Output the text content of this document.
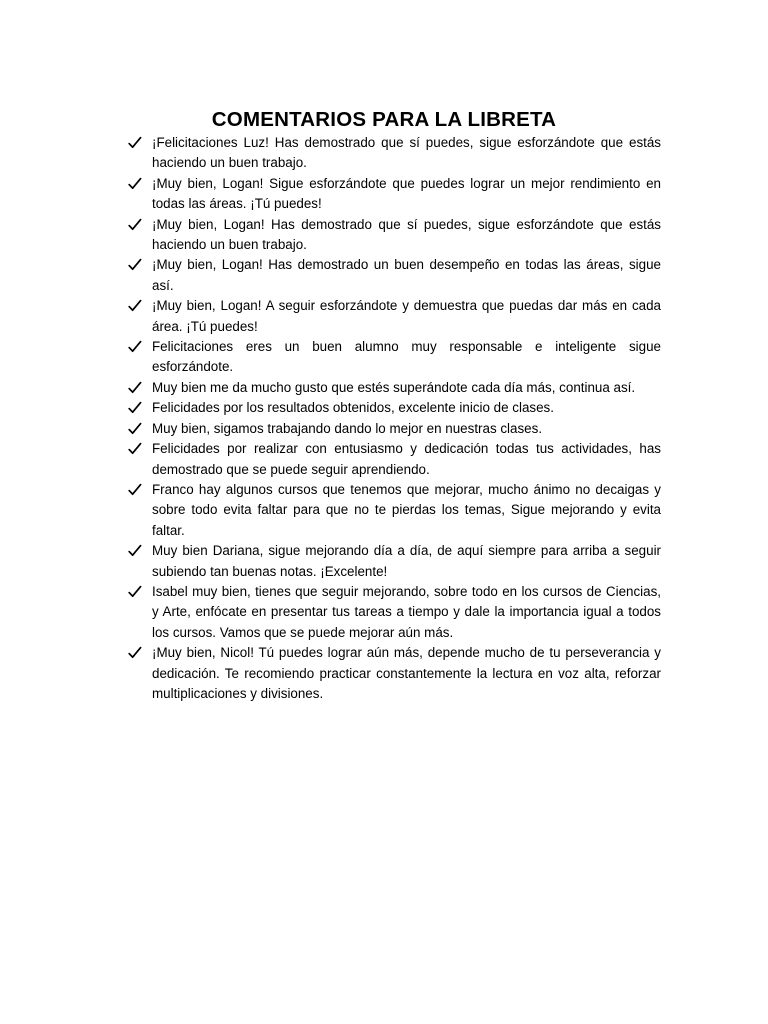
COMENTARIOS PARA LA LIBRETA
¡Felicitaciones Luz! Has demostrado que sí puedes, sigue esforzándote que estás haciendo un buen trabajo.
¡Muy bien, Logan! Sigue esforzándote que puedes lograr un mejor rendimiento en todas las áreas. ¡Tú puedes!
¡Muy bien, Logan! Has demostrado que sí puedes, sigue esforzándote que estás haciendo un buen trabajo.
¡Muy bien, Logan! Has demostrado un buen desempeño en todas las áreas, sigue así.
¡Muy bien, Logan! A seguir esforzándote y demuestra que puedas dar más en cada área. ¡Tú puedes!
Felicitaciones eres un buen alumno muy responsable e inteligente sigue esforzándote.
Muy bien me da mucho gusto que estés superándote cada día más, continua así.
Felicidades por los resultados obtenidos, excelente inicio de clases.
Muy bien, sigamos trabajando dando lo mejor en nuestras clases.
Felicidades por realizar con entusiasmo y dedicación todas tus actividades, has demostrado que se puede seguir aprendiendo.
Franco hay algunos cursos que tenemos que mejorar, mucho ánimo no decaigas y sobre todo evita faltar para que no te pierdas los temas, Sigue mejorando y evita faltar.
Muy bien Dariana, sigue mejorando día a día, de aquí siempre para arriba a seguir subiendo tan buenas notas. ¡Excelente!
Isabel muy bien, tienes que seguir mejorando, sobre todo en los cursos de Ciencias, y Arte, enfócate en presentar tus tareas a tiempo y dale la importancia igual a todos los cursos. Vamos que se puede mejorar aún más.
¡Muy bien, Nicol! Tú puedes lograr aún más, depende mucho de tu perseverancia y dedicación. Te recomiendo practicar constantemente la lectura en voz alta, reforzar multiplicaciones y divisiones.
